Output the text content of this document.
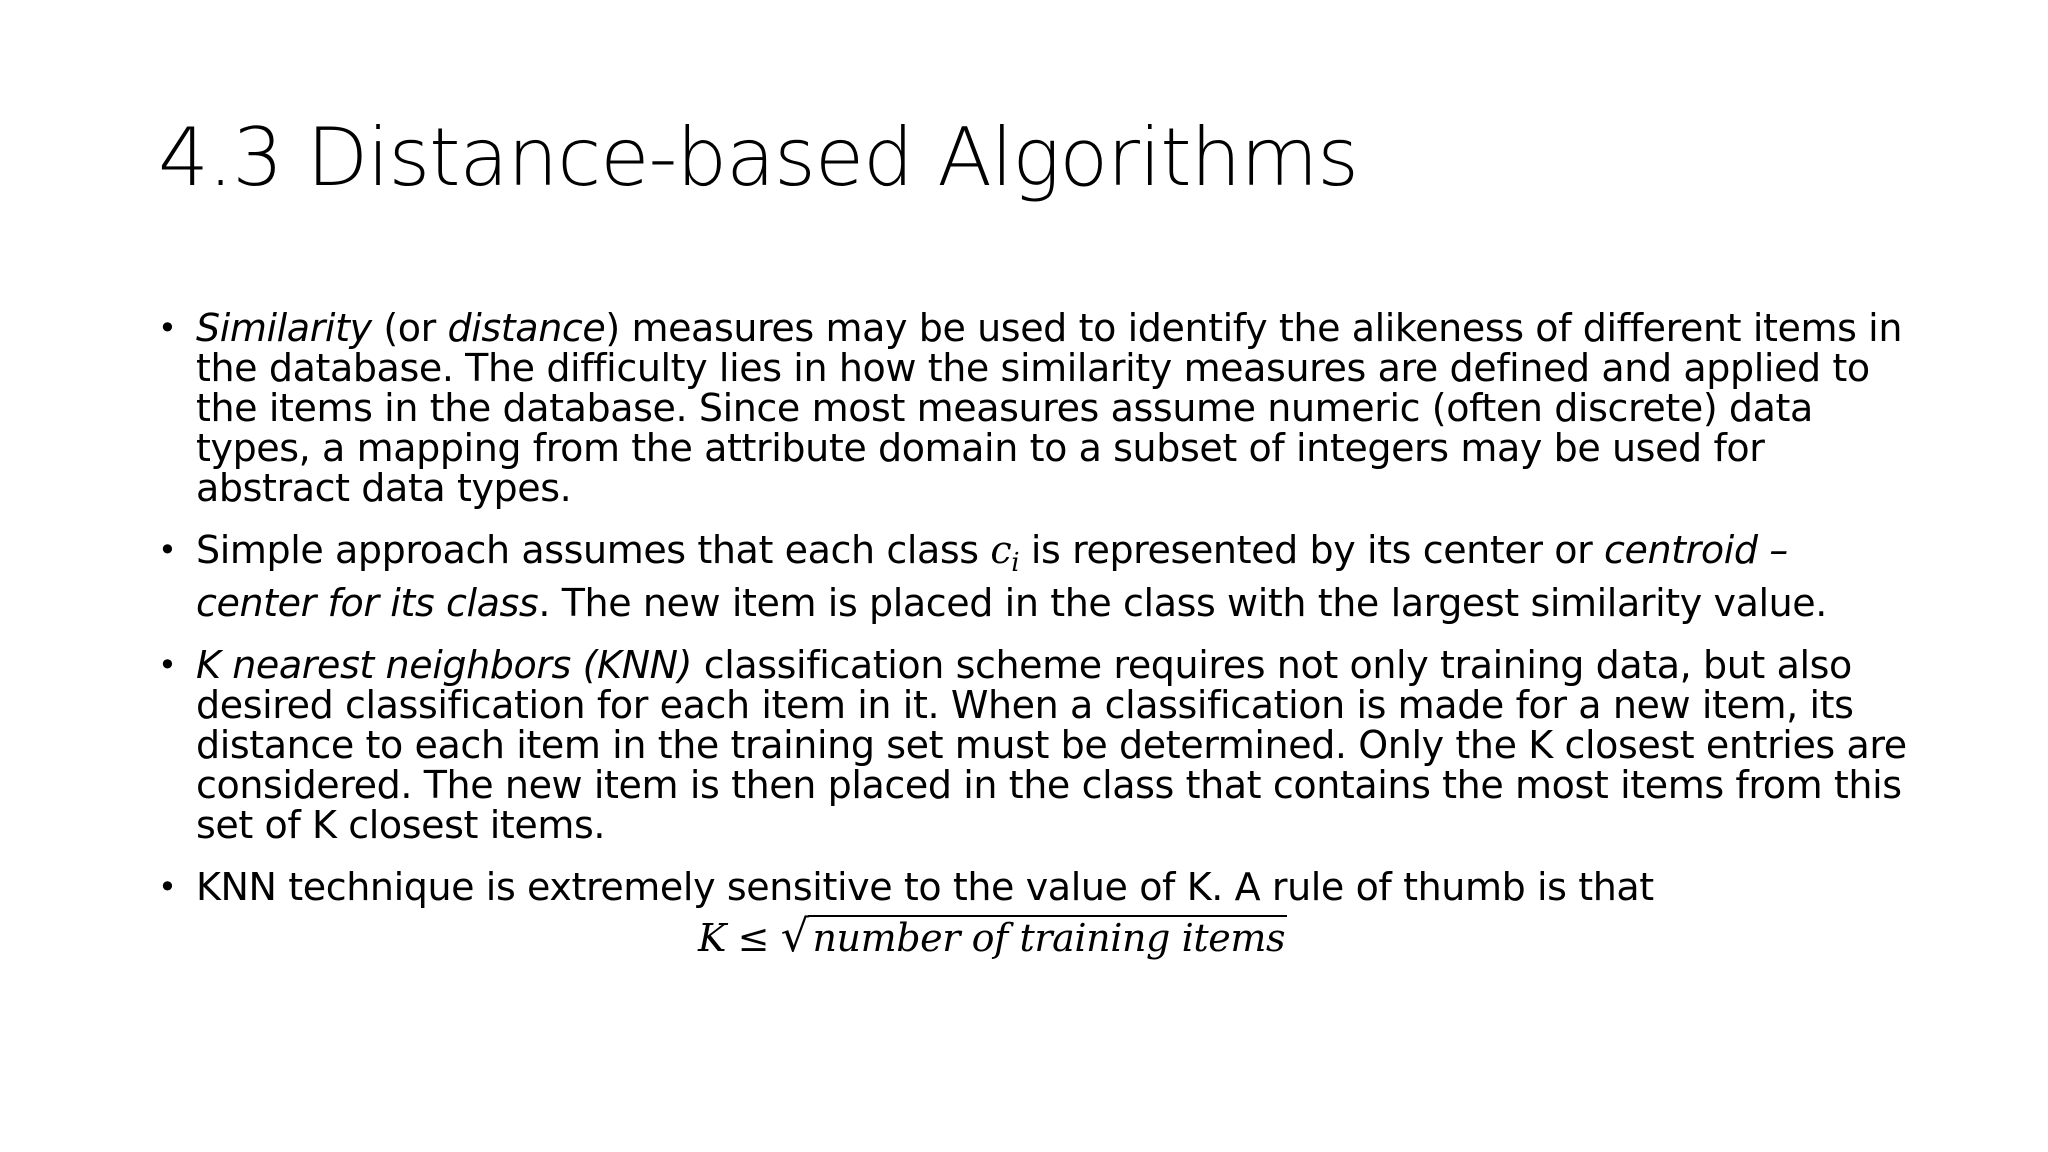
4.3 Distance-based Algorithms
• Similarity (or distance) measures may be used to identify the alikeness of different items in the database. The difficulty lies in how the similarity measures are defined and applied to the items in the database. Since most measures assume numeric (often discrete) data types, a mapping from the attribute domain to a subset of integers may be used for abstract data types.

• Simple approach assumes that each class $c_i$ is represented by its center or centroid – center for its class. The new item is placed in the class with the largest similarity value.

• K nearest neighbors (KNN) classification scheme requires not only training data, but also desired classification for each item in it. When a classification is made for a new item, its distance to each item in the training set must be determined. Only the K closest entries are considered. The new item is then placed in the class that contains the most items from this set of K closest items.

• KNN technique is extremely sensitive to the value of K. A rule of thumb is that

K ≤ √ number of training items
